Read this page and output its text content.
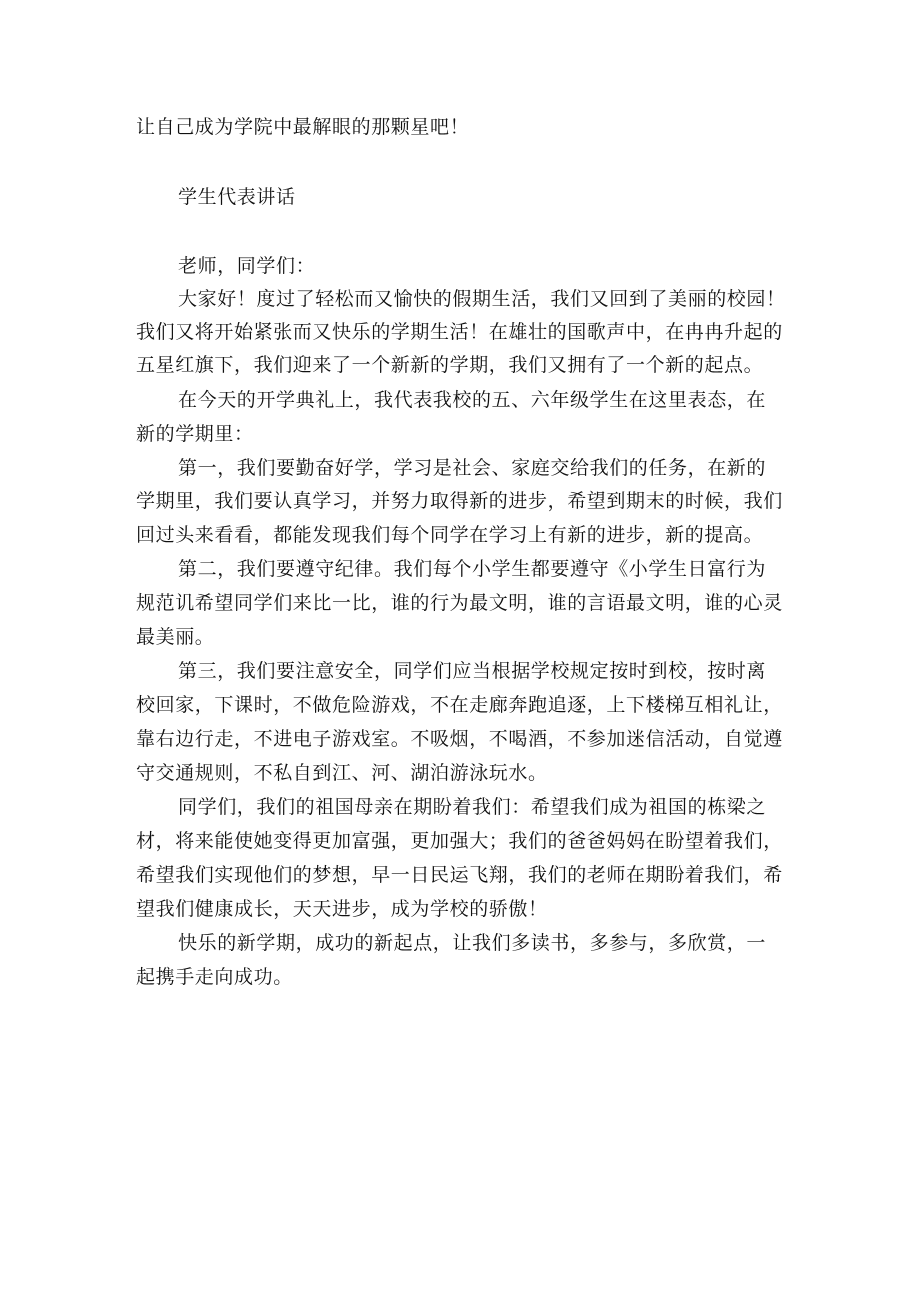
让自己成为学院中最解眼的那颗星吧！
学生代表讲话
老师，同学们：
大家好！度过了轻松而又愉快的假期生活，我们又回到了美丽的校园！
我们又将开始紧张而又快乐的学期生活！在雄壮的国歌声中，在冉冉升起的
五星红旗下，我们迎来了一个新新的学期，我们又拥有了一个新的起点。
在今天的开学典礼上，我代表我校的五、六年级学生在这里表态，在
新的学期里：
第一，我们要勤奋好学，学习是社会、家庭交给我们的任务，在新的
学期里，我们要认真学习，并努力取得新的进步，希望到期末的时候，我们
回过头来看看，都能发现我们每个同学在学习上有新的进步，新的提高。
第二，我们要遵守纪律。我们每个小学生都要遵守《小学生日富行为
规范讥希望同学们来比一比，谁的行为最文明，谁的言语最文明，谁的心灵
最美丽。
第三，我们要注意安全，同学们应当根据学校规定按时到校，按时离
校回家，下课时，不做危险游戏，不在走廊奔跑追逐，上下楼梯互相礼让，
靠右边行走，不进电子游戏室。不吸烟，不喝酒，不参加迷信活动，自觉遵
守交通规则，不私自到江、河、湖泊游泳玩水。
同学们，我们的祖国母亲在期盼着我们：希望我们成为祖国的栋梁之
材，将来能使她变得更加富强，更加强大；我们的爸爸妈妈在盼望着我们，
希望我们实现他们的梦想，早一日民运飞翔，我们的老师在期盼着我们，希
望我们健康成长，天天进步，成为学校的骄傲！
快乐的新学期，成功的新起点，让我们多读书，多参与，多欣赏，一
起携手走向成功。
